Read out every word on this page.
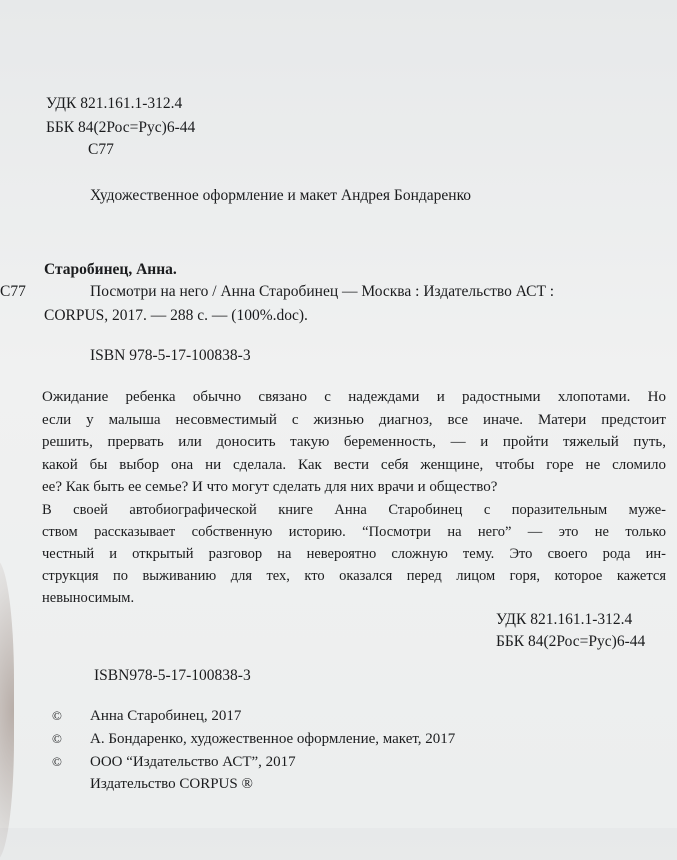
УДК 821.161.1-312.4
ББК 84(2Рос=Рус)6-44
С77
Художественное оформление и макет Андрея Бондаренко
Старобинец, Анна.
С77	Посмотри на него / Анна Старобинец — Москва : Издательство АСТ :
CORPUS, 2017. — 288 с. — (100%.doc).
ISBN 978-5-17-100838-3
Ожидание ребенка обычно связано с надеждами и радостными хлопотами. Но
если у малыша несовместимый с жизнью диагноз, все иначе. Матери предстоит
решить, прервать или доносить такую беременность, — и пройти тяжелый путь,
какой бы выбор она ни сделала. Как вести себя женщине, чтобы горе не сломило
ее? Как быть ее семье? И что могут сделать для них врачи и общество?
В своей автобиографической книге Анна Старобинец с поразительным муже-
ством рассказывает собственную историю. “Посмотри на него” — это не только
честный и открытый разговор на невероятно сложную тему. Это своего рода ин-
струкция по выживанию для тех, кто оказался перед лицом горя, которое кажется
невыносимым.
УДК 821.161.1-312.4
ББК 84(2Рос=Рус)6-44
ISBN978-5-17-100838-3
© Анна Старобинец, 2017
© А. Бондаренко, художественное оформление, макет, 2017
© ООО “Издательство АСТ”, 2017
Издательство CORPUS ®
